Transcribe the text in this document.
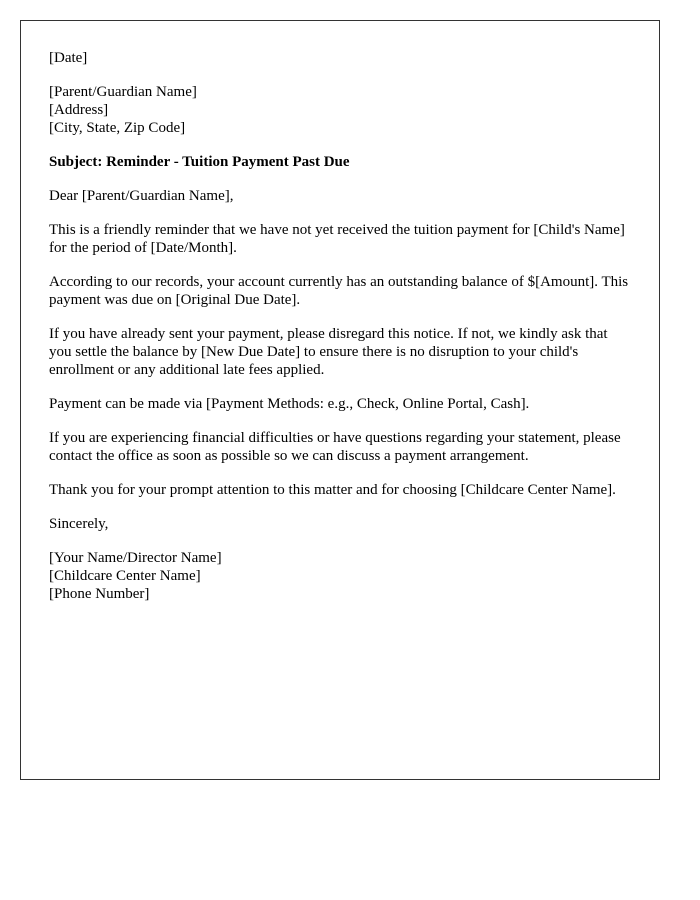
[Date]

[Parent/Guardian Name]
[Address]
[City, State, Zip Code]

Subject: Reminder - Tuition Payment Past Due

Dear [Parent/Guardian Name],

This is a friendly reminder that we have not yet received the tuition payment for [Child's Name] for the period of [Date/Month].

According to our records, your account currently has an outstanding balance of $[Amount]. This payment was due on [Original Due Date].

If you have already sent your payment, please disregard this notice. If not, we kindly ask that you settle the balance by [New Due Date] to ensure there is no disruption to your child's enrollment or any additional late fees applied.

Payment can be made via [Payment Methods: e.g., Check, Online Portal, Cash].

If you are experiencing financial difficulties or have questions regarding your statement, please contact the office as soon as possible so we can discuss a payment arrangement.

Thank you for your prompt attention to this matter and for choosing [Childcare Center Name].

Sincerely,

[Your Name/Director Name]
[Childcare Center Name]
[Phone Number]
